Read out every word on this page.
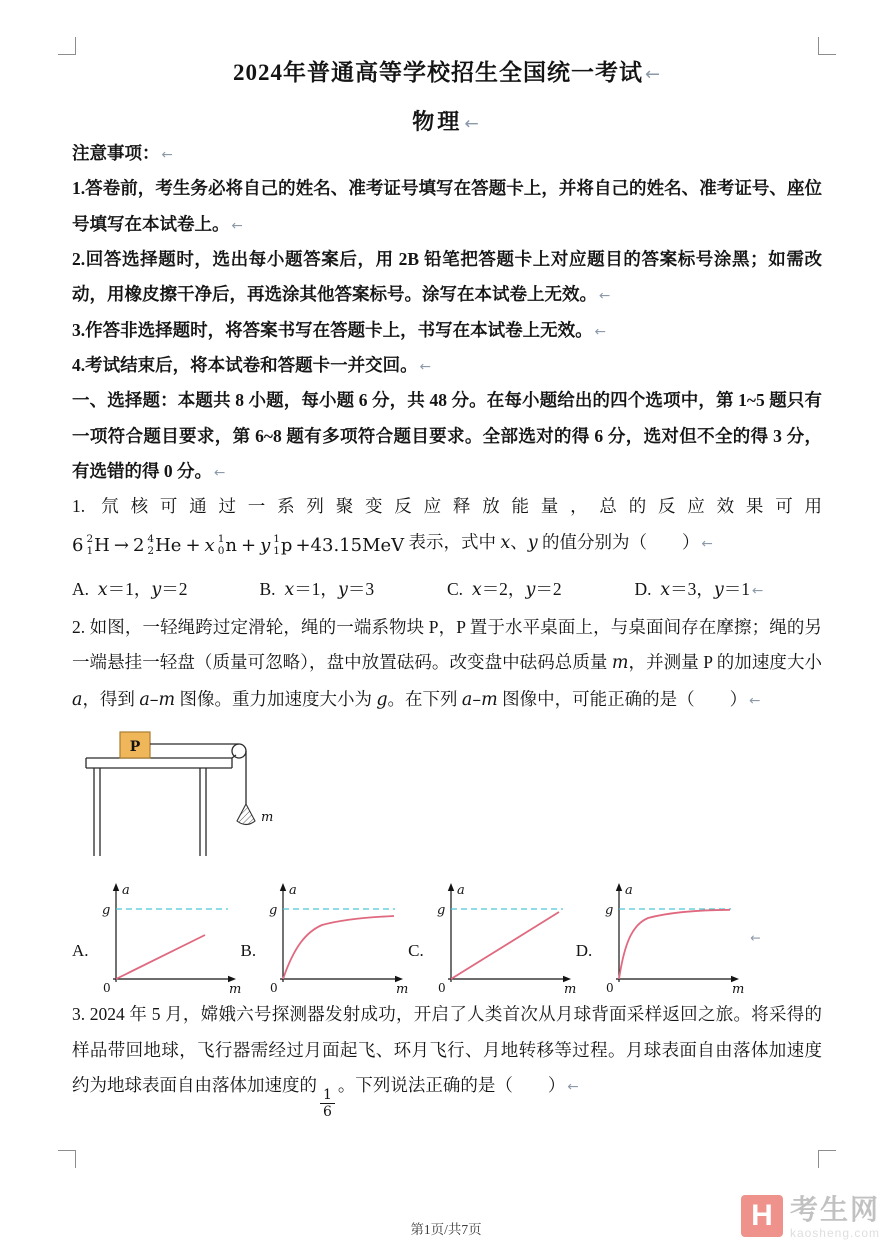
2024年普通高等学校招生全国统一考试 ←
物理 ←

注意事项： ←

1.答卷前，考生务必将自己的姓名、准考证号填写在答题卡上，并将自己的姓名、准考证号、座位号填写在本试卷上。 ←

2.回答选择题时，选出每小题答案后，用 2B 铅笔把答题卡上对应题目的答案标号涂黑；如需改动，用橡皮擦干净后，再选涂其他答案标号。涂写在本试卷上无效。 ←

3.作答非选择题时，将答案书写在答题卡上，书写在本试卷上无效。 ←

4.考试结束后，将本试卷和答题卡一并交回。 ←

一、选择题：本题共 8 小题，每小题 6 分，共 48 分。在每小题给出的四个选项中，第 1~5 题只有一项符合题目要求，第 6~8 题有多项符合题目要求。全部选对的得 6 分，选对但不全的得 3 分，有选错的得 0 分。 ←

1. 氘核可通过一系列聚变反应释放能量，总的反应效果可用
6 2
1 H → 2 4
2 He + x 1
0 n + y 1
1 p +43.15MeV 表示，式中 x、y 的值分别为（　　） ←

A. x＝1，y＝2	B. x＝1，y＝3	C. x＝2，y＝2	D. x＝3，y＝1 ←

2. 如图，一轻绳跨过定滑轮，绳的一端系物块 P，P 置于水平桌面上，与桌面间存在摩擦；绳的另一端悬挂一轻盘（质量可忽略），盘中放置砝码。改变盘中砝码总质量 m，并测量 P 的加速度大小 a，得到 a–m 图像。重力加速度大小为 g。在下列 a–m 图像中，可能正确的是（　　） ←

P
m
A.
a
g
0	m
B.
a
g
0	m
C.
a
g
0	m
D.
a
g
0	m
←

3. 2024 年 5 月，嫦娥六号探测器发射成功，开启了人类首次从月球背面采样返回之旅。将采得的样品带回地球，飞行器需经过月面起飞、环月飞行、月地转移等过程。月球表面自由落体加速度约为地球表面自由落体加速度的
$\frac{1}{6}$
。下列说法正确的是（　　） ←

第1页/共7页	H 考生网
kaosheng.com
